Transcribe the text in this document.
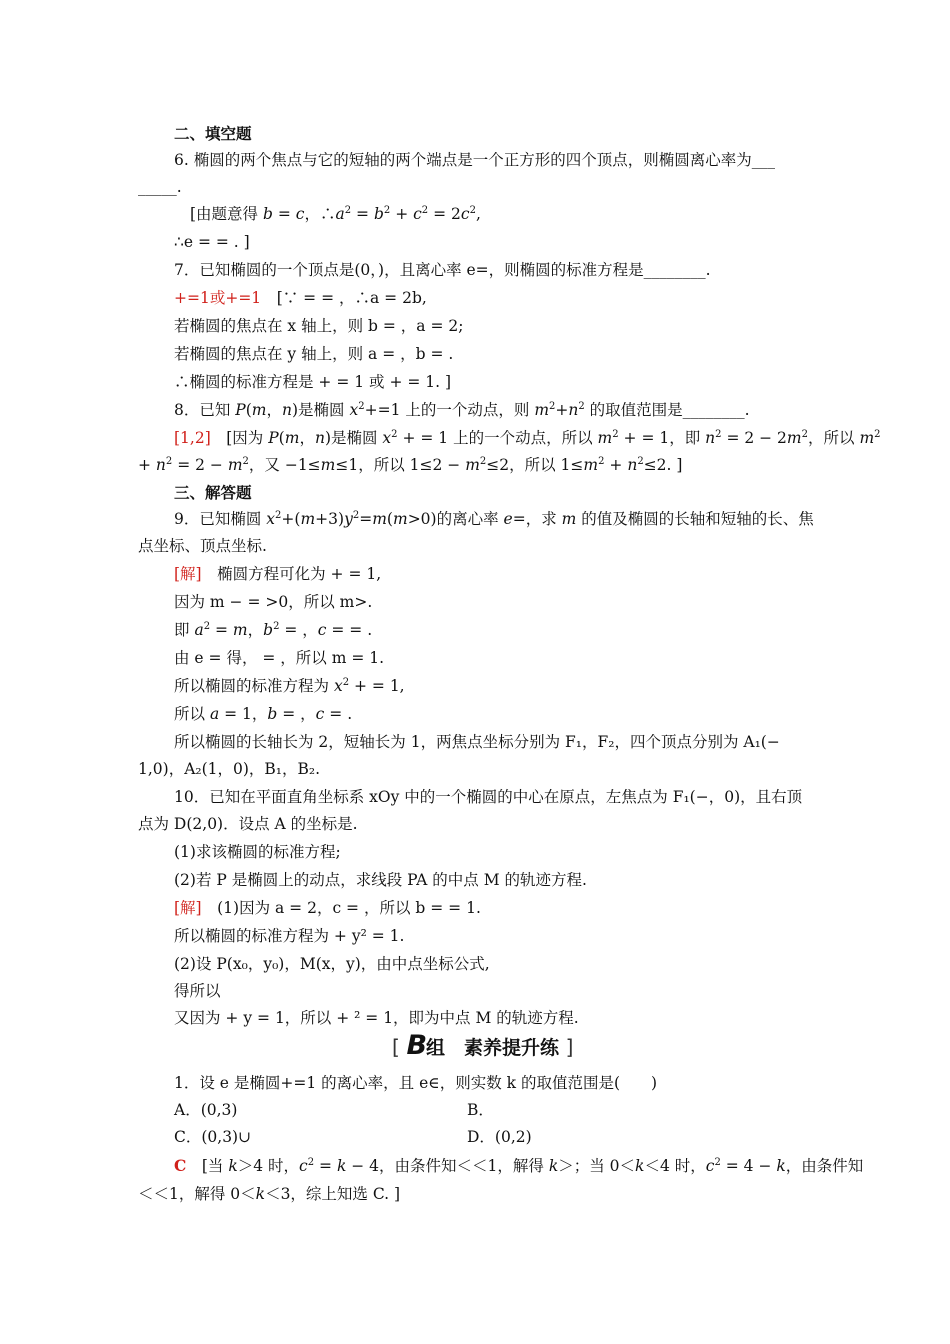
二、填空题
6. 椭圆的两个焦点与它的短轴的两个端点是一个正方形的四个顶点，则椭圆离心率为___
_____.
[由题意得 b = c，$\therefore a^2 = b^2 + c^2 = 2c^2$,
∴e = = . ]
7．已知椭圆的一个顶点是(0，)，且离心率 e=，则椭圆的标准方程是________.
+=1或+=1　 [∵ = = ，∴a = 2b,
若椭圆的焦点在 x 轴上，则 b = ，a = 2;
若椭圆的焦点在 y 轴上，则 a = ，b = .
∴椭圆的标准方程是 + = 1 或 + = 1. ]
8．已知 P(m，n)是椭圆 $x^2+=1$ 上的一个动点，则 $m^2+n^2$ 的取值范围是________.
[1,2]　[因为 P(m，n)是椭圆 $x^2$ + = 1 上的一个动点，所以 $m^2$ + = 1，即 $n^2 = 2 - 2m^2$，所以 $m^2$
+ $n^2 = 2 - m^2$，又 −1≤m≤1，所以 $1\le 2 - m^2\le 2$，所以 $1\le m^2 + n^2\le 2$. ]
三、解答题
9．已知椭圆 $x^2+(m+3)y^2=m(m>0)$的离心率 e=，求 m 的值及椭圆的长轴和短轴的长、焦
点坐标、顶点坐标.
[解]　 椭圆方程可化为 + = 1,
因为 m − = >0，所以 m>.
即 $a^2 = m$，$b^2$ = ，c = = .
由 e = 得， = ，所以 m = 1.
所以椭圆的标准方程为 $x^2$ + = 1,
所以 a = 1，b = ，c = .
所以椭圆的长轴长为 2，短轴长为 1，两焦点坐标分别为 F₁，F₂，四个顶点分别为 A₁(−
1,0)，A₂(1，0)，B₁，B₂.
10．已知在平面直角坐标系 xOy 中的一个椭圆的中心在原点，左焦点为 F₁(−，0)，且右顶
点为 D(2,0)．设点 A 的坐标是.
(1)求该椭圆的标准方程;
(2)若 P 是椭圆上的动点，求线段 PA 的中点 M 的轨迹方程.
[解]　 (1)因为 a = 2，c = ，所以 b = = 1.
所以椭圆的标准方程为 + y² = 1.
(2)设 P(x₀，y₀)，M(x，y)，由中点坐标公式,
得所以
又因为 + y = 1，所以 + ² = 1，即为中点 M 的轨迹方程.
[ B组　素养提升练 ]
1．设 e 是椭圆+=1 的离心率，且 e∈，则实数 k 的取值范围是(　　)
A．(0,3)	B．
C．(0,3)∪	D．(0,2)
C　[当 k＞4 时，$c^2 = k - 4$，由条件知＜＜1，解得 k＞；当 0＜k＜4 时，$c^2 = 4 - k$，由条件知
＜＜1，解得 0＜k＜3，综上知选 C. ]
